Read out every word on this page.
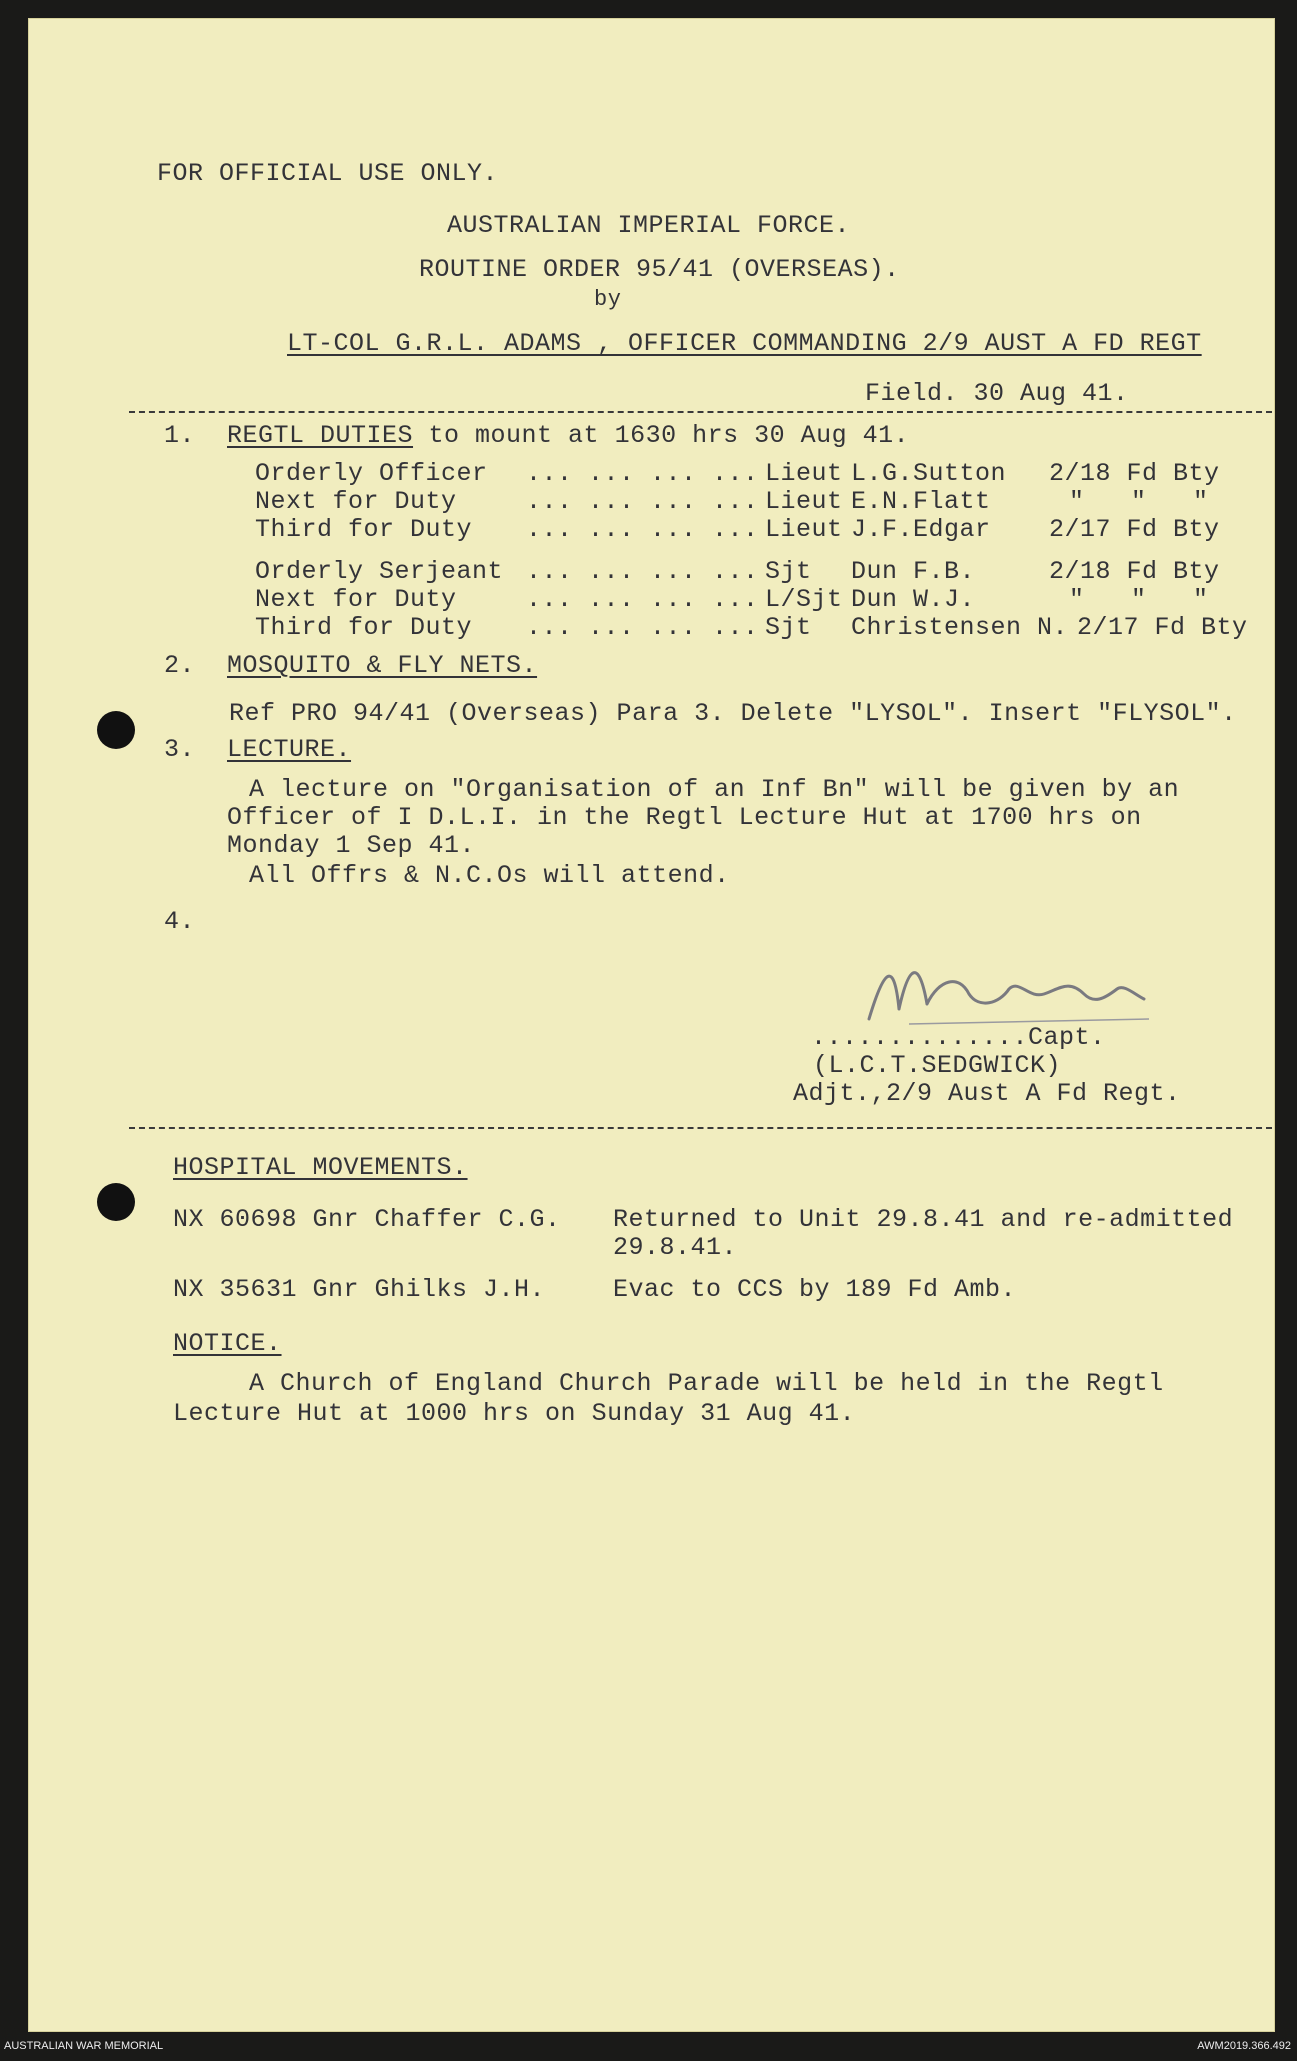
FOR OFFICIAL USE ONLY.
AUSTRALIAN IMPERIAL FORCE.
ROUTINE ORDER 95/41 (OVERSEAS).
by
LT-COL G.R.L. ADAMS , OFFICER COMMANDING 2/9 AUST A FD REGT
Field. 30 Aug 41.
1. REGTL DUTIES to mount at 1630 hrs 30 Aug 41.
Orderly Officer ... ... ... ... Lieut L.G.Sutton 2/18 Fd Bty
Next for Duty	... ... ... ... Lieut E.N.Flatt	"   "   "
Third for Duty ... ... ... ... Lieut J.F.Edgar 2/17 Fd Bty
Orderly Serjeant ... ... ... ... Sjt Dun F.B.	2/18 Fd Bty
Next for Duty	... ... ... ... L/Sjt Dun W.J.	"   "   "
Third for Duty ... ... ... ... Sjt Christensen N. 2/17 Fd Bty
2. MOSQUITO & FLY NETS.
Ref PRO 94/41 (Overseas) Para 3. Delete "LYSOL". Insert "FLYSOL".
3. LECTURE.
A lecture on "Organisation of an Inf Bn" will be given by an
Officer of I D.L.I. in the Regtl Lecture Hut at 1700 hrs on
Monday 1 Sep 41.
All Offrs & N.C.Os will attend.
4.
..............Capt.
(L.C.T.SEDGWICK)
Adjt.,2/9 Aust A Fd Regt.
HOSPITAL MOVEMENTS.
NX 60698 Gnr Chaffer C.G. Returned to Unit 29.8.41 and re-admitted
29.8.41.
NX 35631 Gnr Ghilks J.H.	Evac to CCS by 189 Fd Amb.
NOTICE.
A Church of England Church Parade will be held in the Regtl
Lecture Hut at 1000 hrs on Sunday 31 Aug 41.
AUSTRALIAN WAR MEMORIAL	AWM2019.366.492
